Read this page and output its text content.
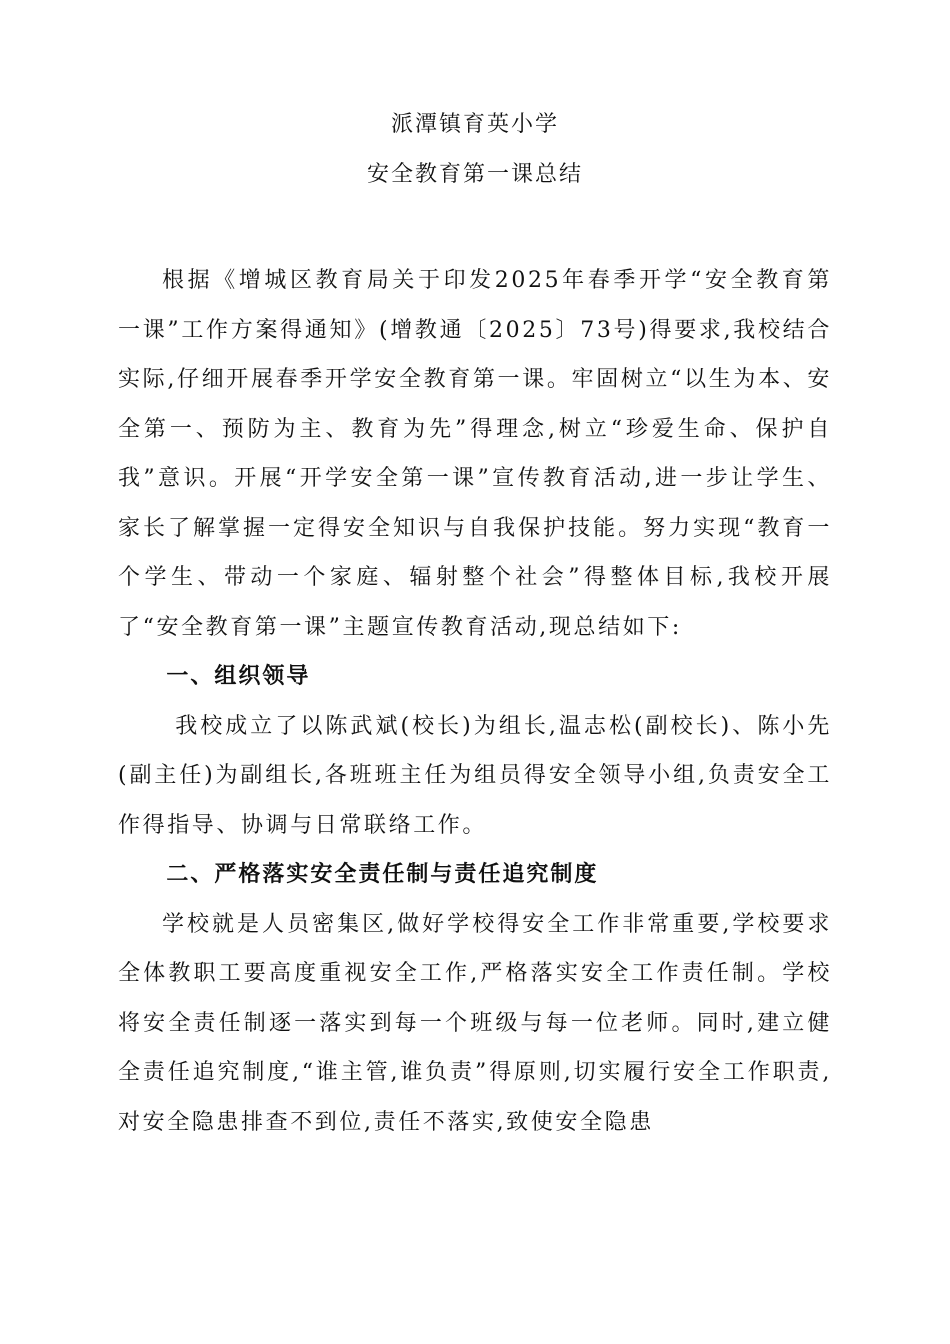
派潭镇育英小学
安全教育第一课总结

根据《增城区教育局关于印发2025年春季开学“安全教育第一课”工作方案得通知》(增教通〔2025〕73号)得要求,我校结合实际,仔细开展春季开学安全教育第一课。牢固树立“以生为本、安全第一、预防为主、教育为先”得理念,树立“珍爱生命、保护自我”意识。开展“开学安全第一课”宣传教育活动,进一步让学生、家长了解掌握一定得安全知识与自我保护技能。努力实现“教育一个学生、带动一个家庭、辐射整个社会”得整体目标,我校开展了“安全教育第一课”主题宣传教育活动,现总结如下:

一、组织领导

我校成立了以陈武斌(校长)为组长,温志松(副校长)、陈小先(副主任)为副组长,各班班主任为组员得安全领导小组,负责安全工作得指导、协调与日常联络工作。

二、严格落实安全责任制与责任追究制度

学校就是人员密集区,做好学校得安全工作非常重要,学校要求全体教职工要高度重视安全工作,严格落实安全工作责任制。学校将安全责任制逐一落实到每一个班级与每一位老师。同时,建立健全责任追究制度,“谁主管,谁负责”得原则,切实履行安全工作职责,对安全隐患排查不到位,责任不落实,致使安全隐患
